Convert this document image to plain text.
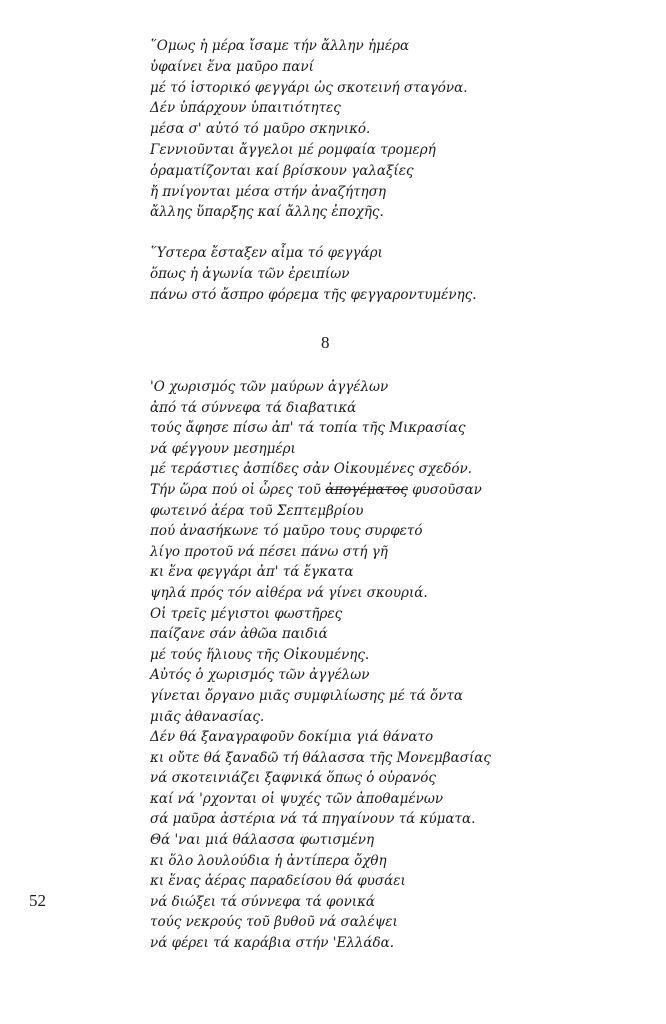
῞Ομως ἡ μέρα ἴσαμε τήν ἄλλην ἡμέρα
ὑφαίνει ἕνα μαῦρο πανί
μέ τό ἱστορικό φεγγάρι ὡς σκοτεινή σταγόνα.
Δέν ὑπάρχουν ὑπαιτιότητες
μέσα σ' αὐτό τό μαῦρο σκηνικό.
Γεννιοῦνται ἄγγελοι μέ ρομφαία τρομερή
ὁραματίζονται καί βρίσκουν γαλαξίες
ἤ πνίγονται μέσα στήν ἀναζήτηση
ἄλλης ὕπαρξης καί ἄλλης ἐποχῆς.
῞Υστερα ἔσταξεν αἷμα τό φεγγάρι
ὅπως ἡ ἀγωνία τῶν ἐρειπίων
πάνω στό ἄσπρο φόρεμα τῆς φεγγαροντυμένης.
8
'Ο χωρισμός τῶν μαύρων ἀγγέλων
ἀπό τά σύννεφα τά διαβατικά
τούς ἄφησε πίσω ἀπ' τά τοπία τῆς Μικρασίας
νά φέγγουν μεσημέρι
μέ τεράστιες ἀσπίδες σἀν Οἰκουμένες σχεδόν.
Τήν ὥρα πού οἱ ὧρες τοῦ ἀπογέματος φυσοῦσαν
φωτεινό ἀέρα τοῦ Σεπτεμβρίου
πού ἀνασήκωνε τό μαῦρο τους συρφετό
λίγο προτοῦ νά πέσει πάνω στή γῆ
κι ἕνα φεγγάρι ἀπ' τά ἔγκατα
ψηλά πρός τόν αἰθέρα νά γίνει σκουριά.
Οἱ τρεῖς μέγιστοι φωστῆρες
παίζανε σάν ἀθῶα παιδιά
μέ τούς ἥλιους τῆς Οἰκουμένης.
Αὐτός ὁ χωρισμός τῶν ἀγγέλων
γίνεται ὄργανο μιᾶς συμφιλίωσης μέ τά ὄντα
μιᾶς ἀθανασίας.
Δέν θά ξαναγραφοῦν δοκίμια γιά θάνατο
κι οὔτε θά ξαναδῶ τή θάλασσα τῆς Μονεμβασίας
νά σκοτεινιάζει ξαφνικά ὅπως ὁ οὐρανός
καί νά 'ρχονται οἱ ψυχές τῶν ἀποθαμένων
σά μαῦρα ἀστέρια νά τά πηγαίνουν τά κύματα.
Θά 'ναι μιά θάλασσα φωτισμένη
κι ὅλο λουλούδια ἡ ἀντίπερα ὄχθη
κι ἕνας ἀέρας παραδείσου θά φυσάει
νά διώξει τά σύννεφα τά φονικά
τούς νεκρούς τοῦ βυθοῦ νά σαλέψει
νά φέρει τά καράβια στήν 'Ελλάδα.
52
